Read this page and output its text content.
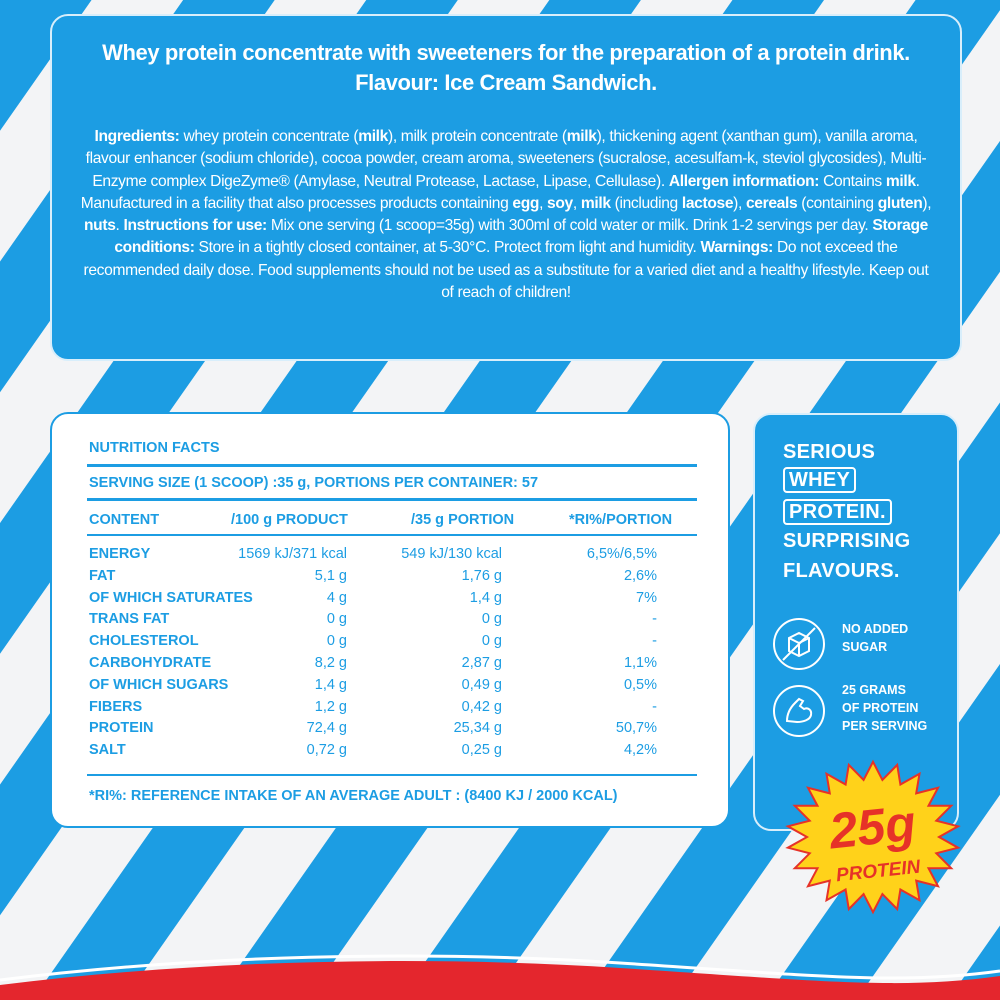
Whey protein concentrate with sweeteners for the preparation of a protein drink.
Flavour: Ice Cream Sandwich.
Ingredients: whey protein concentrate (milk), milk protein concentrate (milk), thickening agent (xanthan gum), vanilla aroma, flavour enhancer (sodium chloride), cocoa powder, cream aroma, sweeteners (sucralose, acesulfam-k, steviol glycosides), Multi-Enzyme complex DigeZyme® (Amylase, Neutral Protease, Lactase, Lipase, Cellulase). Allergen information: Contains milk. Manufactured in a facility that also processes products containing egg, soy, milk (including lactose), cereals (containing gluten), nuts. Instructions for use: Mix one serving (1 scoop=35g) with 300ml of cold water or milk. Drink 1-2 servings per day. Storage conditions: Store in a tightly closed container, at 5-30°C. Protect from light and humidity. Warnings: Do not exceed the recommended daily dose. Food supplements should not be used as a substitute for a varied diet and a healthy lifestyle. Keep out of reach of children!
NUTRITION FACTS
SERVING SIZE (1 SCOOP) :35 g, PORTIONS PER CONTAINER: 57
CONTENT	/100 g PRODUCT	/35 g PORTION	*RI%/PORTION
ENERGY	1569 kJ/371 kcal	549 kJ/130 kcal	6,5%/6,5%
FAT	5,1 g	1,76 g	2,6%
OF WHICH SATURATES	4 g	1,4 g	7%
TRANS FAT	0 g	0 g	-
CHOLESTEROL	0 g	0 g	-
CARBOHYDRATE	8,2 g	2,87 g	1,1%
OF WHICH SUGARS	1,4 g	0,49 g	0,5%
FIBERS	1,2 g	0,42 g	-
PROTEIN	72,4 g	25,34 g	50,7%
SALT	0,72 g	0,25 g	4,2%
*RI%: REFERENCE INTAKE OF AN AVERAGE ADULT : (8400 KJ / 2000 KCAL)
SERIOUS
WHEY
PROTEIN.
SURPRISING
FLAVOURS.
NO ADDED
SUGAR
25 GRAMS
OF PROTEIN
PER SERVING
25g
PROTEIN
